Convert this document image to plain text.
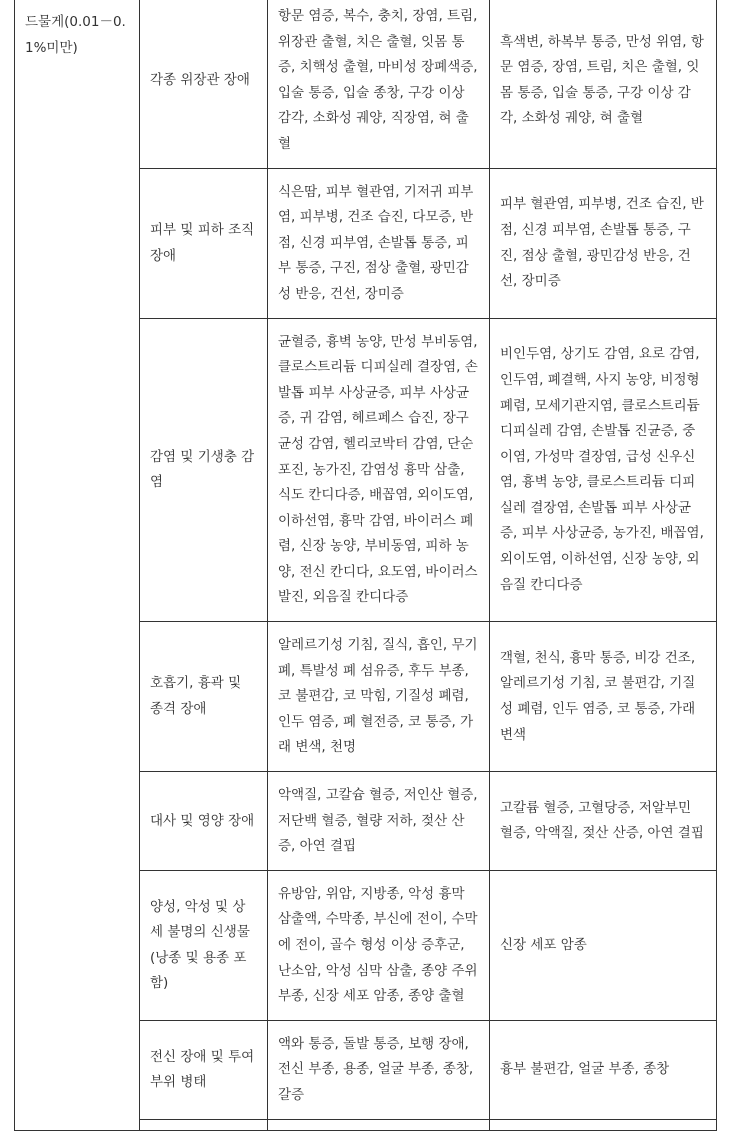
드물게(0.01－0.1%미만)	각종 위장관 장애	항문 염증, 복수, 충치, 장염, 트림, 위장관 출혈, 치은 출혈, 잇몸 통증, 치핵성 출혈, 마비성 장폐색증, 입술 통증, 입술 종창, 구강 이상 감각, 소화성 궤양, 직장염, 혀 출혈	흑색변, 하복부 통증, 만성 위염, 항문 염증, 장염, 트림, 치은 출혈, 잇몸 통증, 입술 통증, 구강 이상 감각, 소화성 궤양, 혀 출혈
	피부 및 피하 조직 장애	식은땀, 피부 혈관염, 기저귀 피부염, 피부병, 건조 습진, 다모증, 반점, 신경 피부염, 손발톱 통증, 피부 통증, 구진, 점상 출혈, 광민감성 반응, 건선, 장미증	피부 혈관염, 피부병, 건조 습진, 반점, 신경 피부염, 손발톱 통증, 구진, 점상 출혈, 광민감성 반응, 건선, 장미증
	감염 및 기생충 감염	균혈증, 흉벽 농양, 만성 부비동염, 클로스트리듐 디피실레 결장염, 손발톱 피부 사상균증, 피부 사상균증, 귀 감염, 헤르페스 습진, 장구균성 감염, 헬리코박터 감염, 단순 포진, 농가진, 감염성 흉막 삼출, 식도 칸디다증, 배꼽염, 외이도염, 이하선염, 흉막 감염, 바이러스 폐렴, 신장 농양, 부비동염, 피하 농양, 전신 칸디다, 요도염, 바이러스 발진, 외음질 칸디다증	비인두염, 상기도 감염, 요로 감염, 인두염, 폐결핵, 사지 농양, 비정형 폐렴, 모세기관지염, 클로스트리듐 디피실레 감염, 손발톱 진균증, 중이염, 가성막 결장염, 급성 신우신염, 흉벽 농양, 클로스트리듐 디피실레 결장염, 손발톱 피부 사상균증, 피부 사상균증, 농가진, 배꼽염, 외이도염, 이하선염, 신장 농양, 외음질 칸디다증
	호흡기, 흉곽 및 종격 장애	알레르기성 기침, 질식, 흡인, 무기폐, 특발성 폐 섬유증, 후두 부종, 코 불편감, 코 막힘, 기질성 폐렴, 인두 염증, 폐 혈전증, 코 통증, 가래 변색, 천명	객혈, 천식, 흉막 통증, 비강 건조, 알레르기성 기침, 코 불편감, 기질성 폐렴, 인두 염증, 코 통증, 가래 변색
	대사 및 영양 장애	악액질, 고칼슘 혈증, 저인산 혈증, 저단백 혈증, 혈량 저하, 젖산 산증, 아연 결핍	고칼륨 혈증, 고혈당증, 저알부민 혈증, 악액질, 젖산 산증, 아연 결핍
	양성, 악성 및 상세 불명의 신생물(낭종 및 용종 포함)	유방암, 위암, 지방종, 악성 흉막 삼출액, 수막종, 부신에 전이, 수막에 전이, 골수 형성 이상 증후군, 난소암, 악성 심막 삼출, 종양 주위 부종, 신장 세포 암종, 종양 출혈	신장 세포 암종
	전신 장애 및 투여 부위 병태	액와 통증, 돌발 통증, 보행 장애, 전신 부종, 용종, 얼굴 부종, 종창, 갈증	흉부 불편감, 얼굴 부종, 종창
